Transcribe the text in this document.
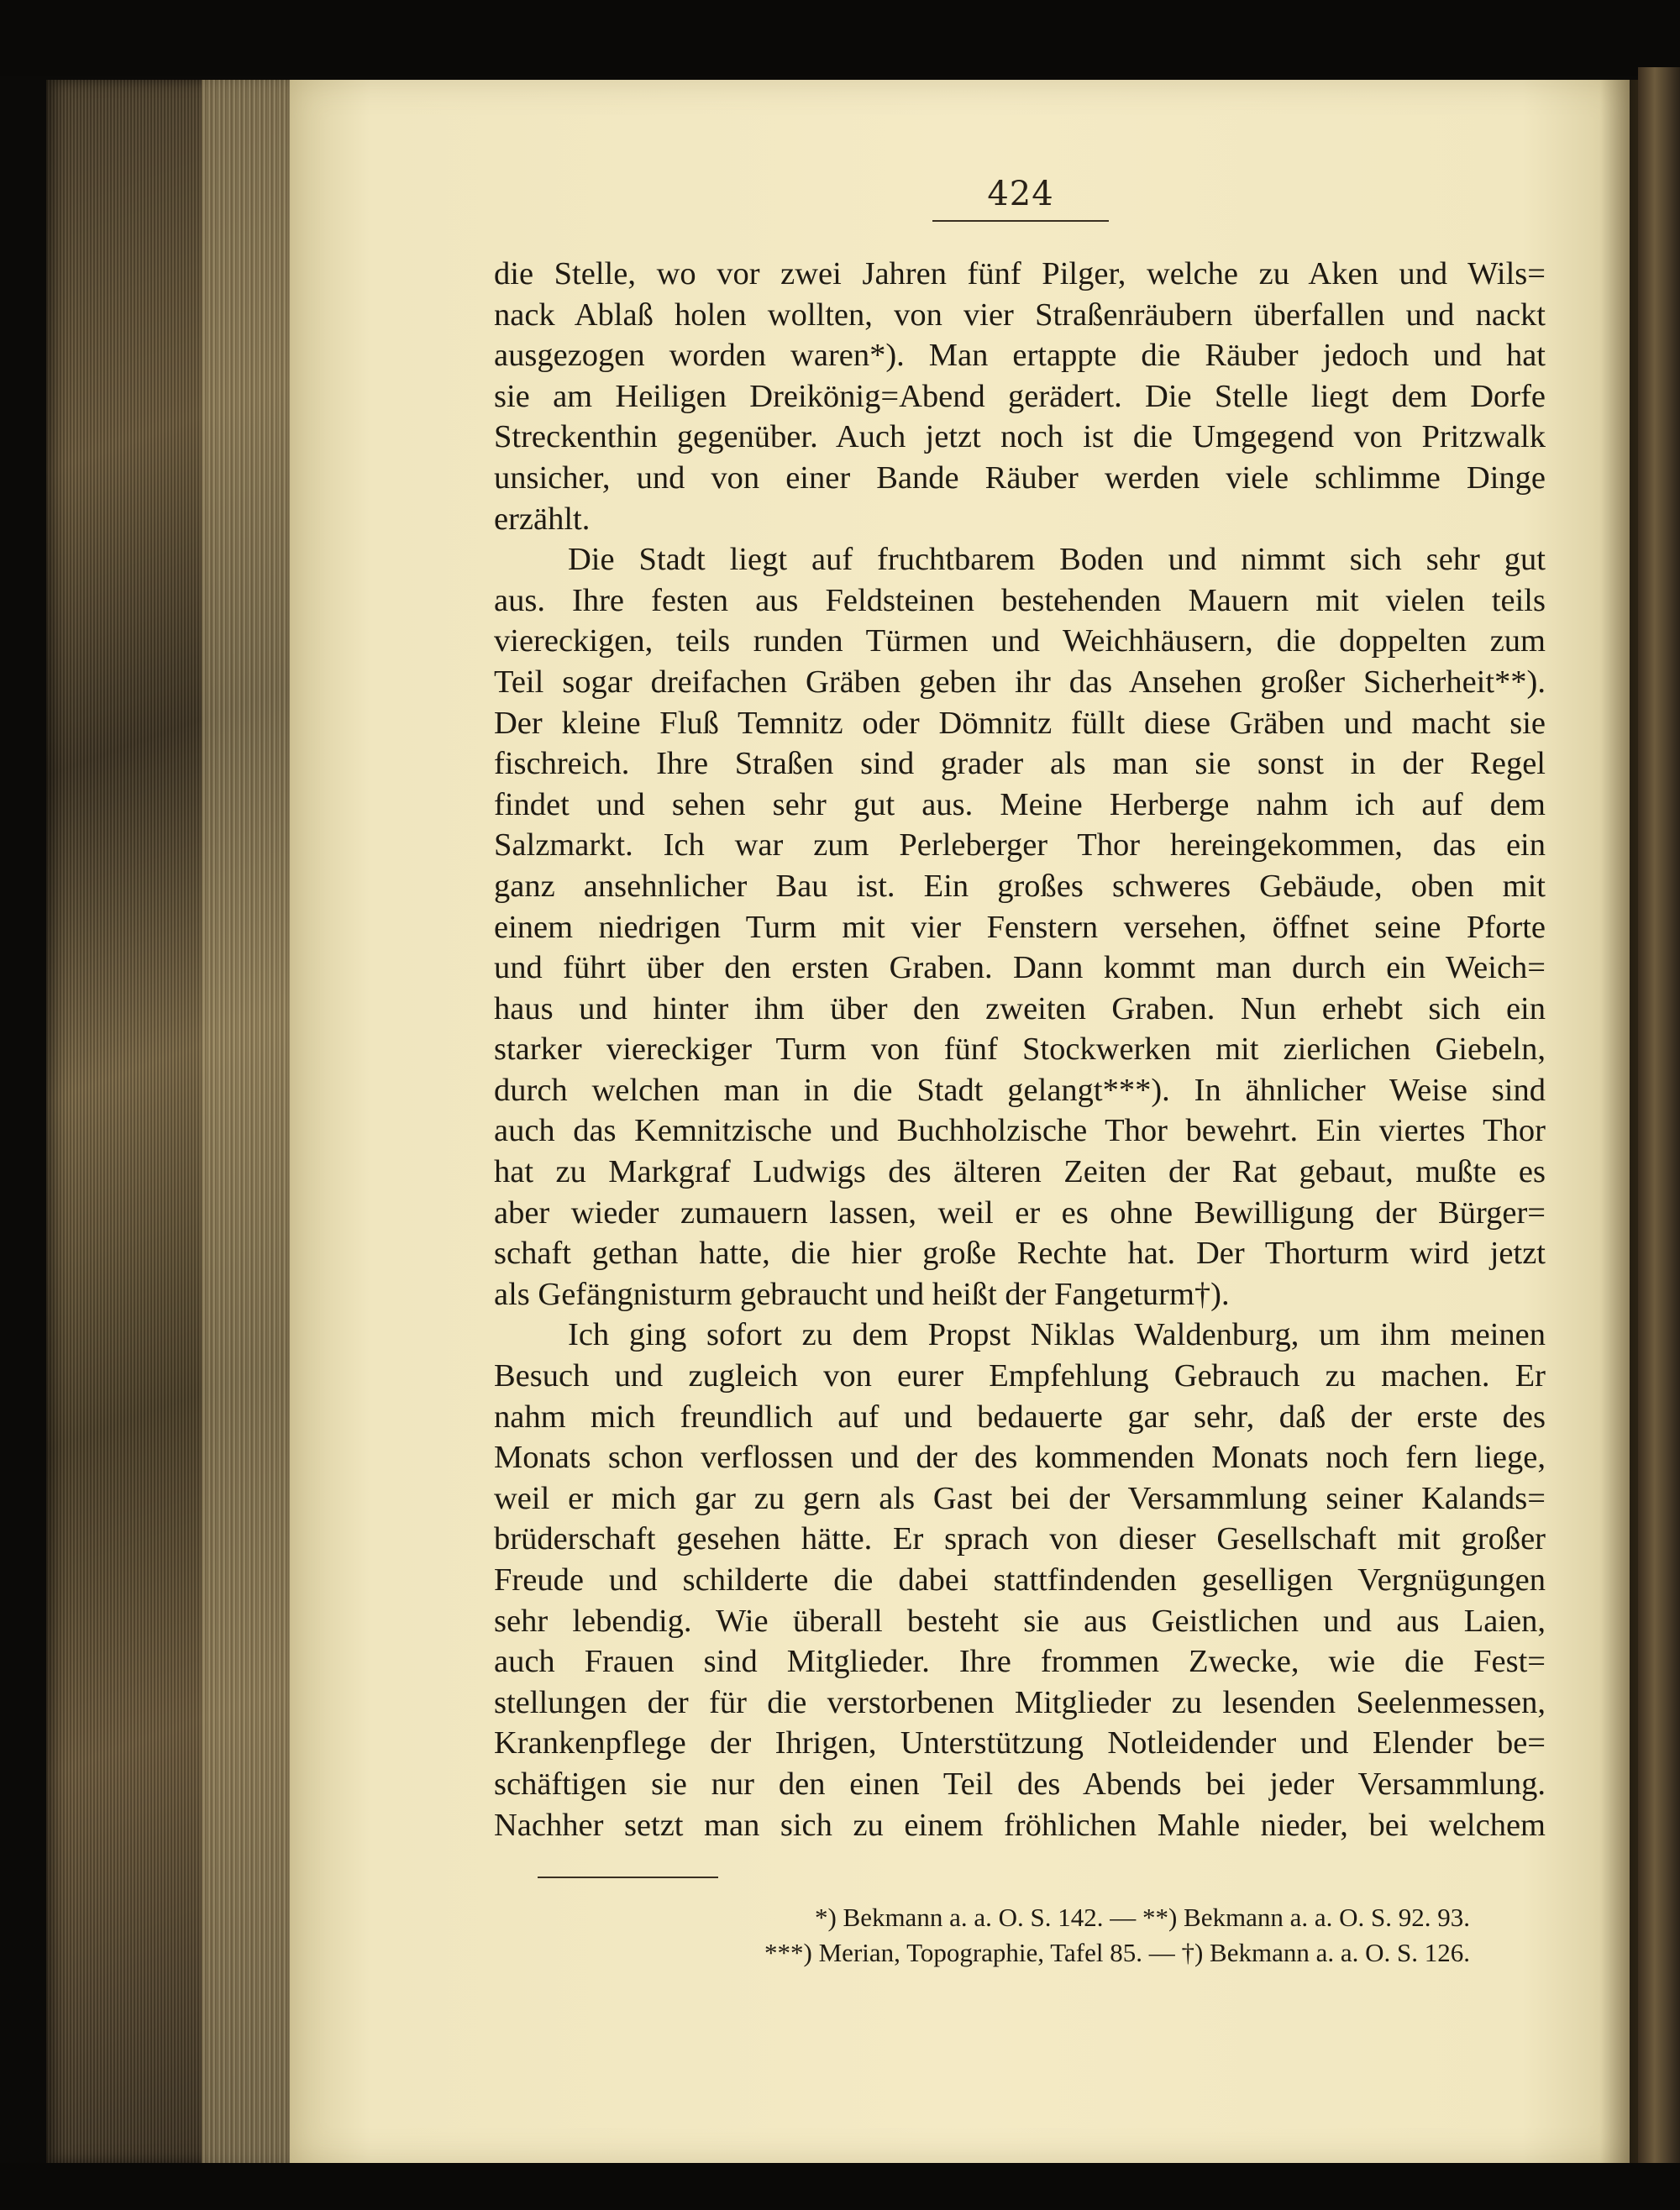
424
die Stelle, wo vor zwei Jahren fünf Pilger, welche zu Aken und Wils=
nack Ablaß holen wollten, von vier Straßenräubern überfallen und nackt
ausgezogen worden waren*). Man ertappte die Räuber jedoch und hat
sie am Heiligen Dreikönig=Abend gerädert. Die Stelle liegt dem Dorfe
Streckenthin gegenüber. Auch jetzt noch ist die Umgegend von Pritzwalk
unsicher, und von einer Bande Räuber werden viele schlimme Dinge
erzählt.
Die Stadt liegt auf fruchtbarem Boden und nimmt sich sehr gut
aus. Ihre festen aus Feldsteinen bestehenden Mauern mit vielen teils
viereckigen, teils runden Türmen und Weichhäusern, die doppelten zum
Teil sogar dreifachen Gräben geben ihr das Ansehen großer Sicherheit**).
Der kleine Fluß Temnitz oder Dömnitz füllt diese Gräben und macht sie
fischreich. Ihre Straßen sind grader als man sie sonst in der Regel
findet und sehen sehr gut aus. Meine Herberge nahm ich auf dem
Salzmarkt. Ich war zum Perleberger Thor hereingekommen, das ein
ganz ansehnlicher Bau ist. Ein großes schweres Gebäude, oben mit
einem niedrigen Turm mit vier Fenstern versehen, öffnet seine Pforte
und führt über den ersten Graben. Dann kommt man durch ein Weich=
haus und hinter ihm über den zweiten Graben. Nun erhebt sich ein
starker viereckiger Turm von fünf Stockwerken mit zierlichen Giebeln,
durch welchen man in die Stadt gelangt***). In ähnlicher Weise sind
auch das Kemnitzische und Buchholzische Thor bewehrt. Ein viertes Thor
hat zu Markgraf Ludwigs des älteren Zeiten der Rat gebaut, mußte es
aber wieder zumauern lassen, weil er es ohne Bewilligung der Bürger=
schaft gethan hatte, die hier große Rechte hat. Der Thorturm wird jetzt
als Gefängnisturm gebraucht und heißt der Fangeturm†).
Ich ging sofort zu dem Propst Niklas Waldenburg, um ihm meinen
Besuch und zugleich von eurer Empfehlung Gebrauch zu machen. Er
nahm mich freundlich auf und bedauerte gar sehr, daß der erste des
Monats schon verflossen und der des kommenden Monats noch fern liege,
weil er mich gar zu gern als Gast bei der Versammlung seiner Kalands=
brüderschaft gesehen hätte. Er sprach von dieser Gesellschaft mit großer
Freude und schilderte die dabei stattfindenden geselligen Vergnügungen
sehr lebendig. Wie überall besteht sie aus Geistlichen und aus Laien,
auch Frauen sind Mitglieder. Ihre frommen Zwecke, wie die Fest=
stellungen der für die verstorbenen Mitglieder zu lesenden Seelenmessen,
Krankenpflege der Ihrigen, Unterstützung Notleidender und Elender be=
schäftigen sie nur den einen Teil des Abends bei jeder Versammlung.
Nachher setzt man sich zu einem fröhlichen Mahle nieder, bei welchem
*) Bekmann a. a. O. S. 142. — **) Bekmann a. a. O. S. 92. 93.
***) Merian, Topographie, Tafel 85. — †) Bekmann a. a. O. S. 126.
